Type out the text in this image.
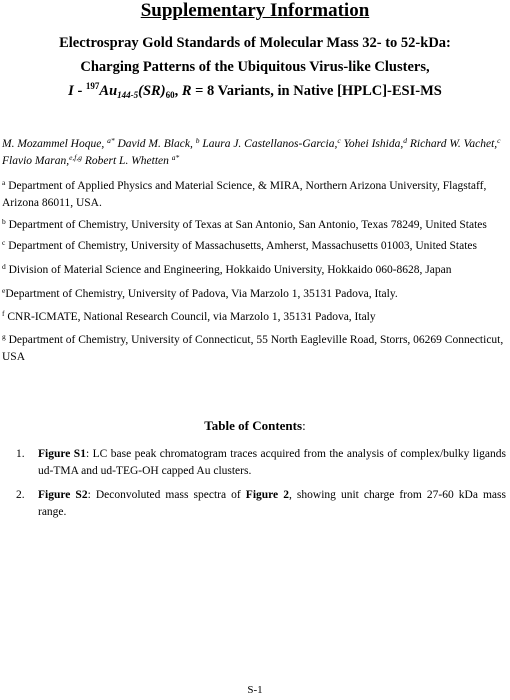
Supplementary Information
Electrospray Gold Standards of Molecular Mass 32- to 52-kDa:
Charging Patterns of the Ubiquitous Virus-like Clusters,
I - $^{197}Au_{144-5}(SR)_{60}$, R = 8 Variants, in Native [HPLC]-ESI-MS

M. Mozammel Hoque, $^{a*}$ David M. Black, $^b$ Laura J. Castellanos-Garcia,$^c$ Yohei Ishida,$^d$ Richard W. Vachet,$^c$ Flavio Maran,$^{e,f,g}$ Robert L. Whetten $^{a*}$

$^a$ Department of Applied Physics and Material Science, & MIRA, Northern Arizona University, Flagstaff, Arizona 86011, USA.

$^b$ Department of Chemistry, University of Texas at San Antonio, San Antonio, Texas 78249, United States

$^c$ Department of Chemistry, University of Massachusetts, Amherst, Massachusetts 01003, United States

$^d$ Division of Material Science and Engineering, Hokkaido University, Hokkaido 060-8628, Japan

$^e$Department of Chemistry, University of Padova, Via Marzolo 1, 35131 Padova, Italy.

$^f$ CNR-ICMATE, National Research Council, via Marzolo 1, 35131 Padova, Italy

$^g$ Department of Chemistry, University of Connecticut, 55 North Eagleville Road, Storrs, 06269 Connecticut, USA

Table of Contents:
1.	Figure S1: LC base peak chromatogram traces acquired from the analysis of complex/bulky ligands ud-TMA and ud-TEG-OH capped Au clusters.
2.	Figure S2: Deconvoluted mass spectra of Figure 2, showing unit charge from 27-60 kDa mass range.
S-1
